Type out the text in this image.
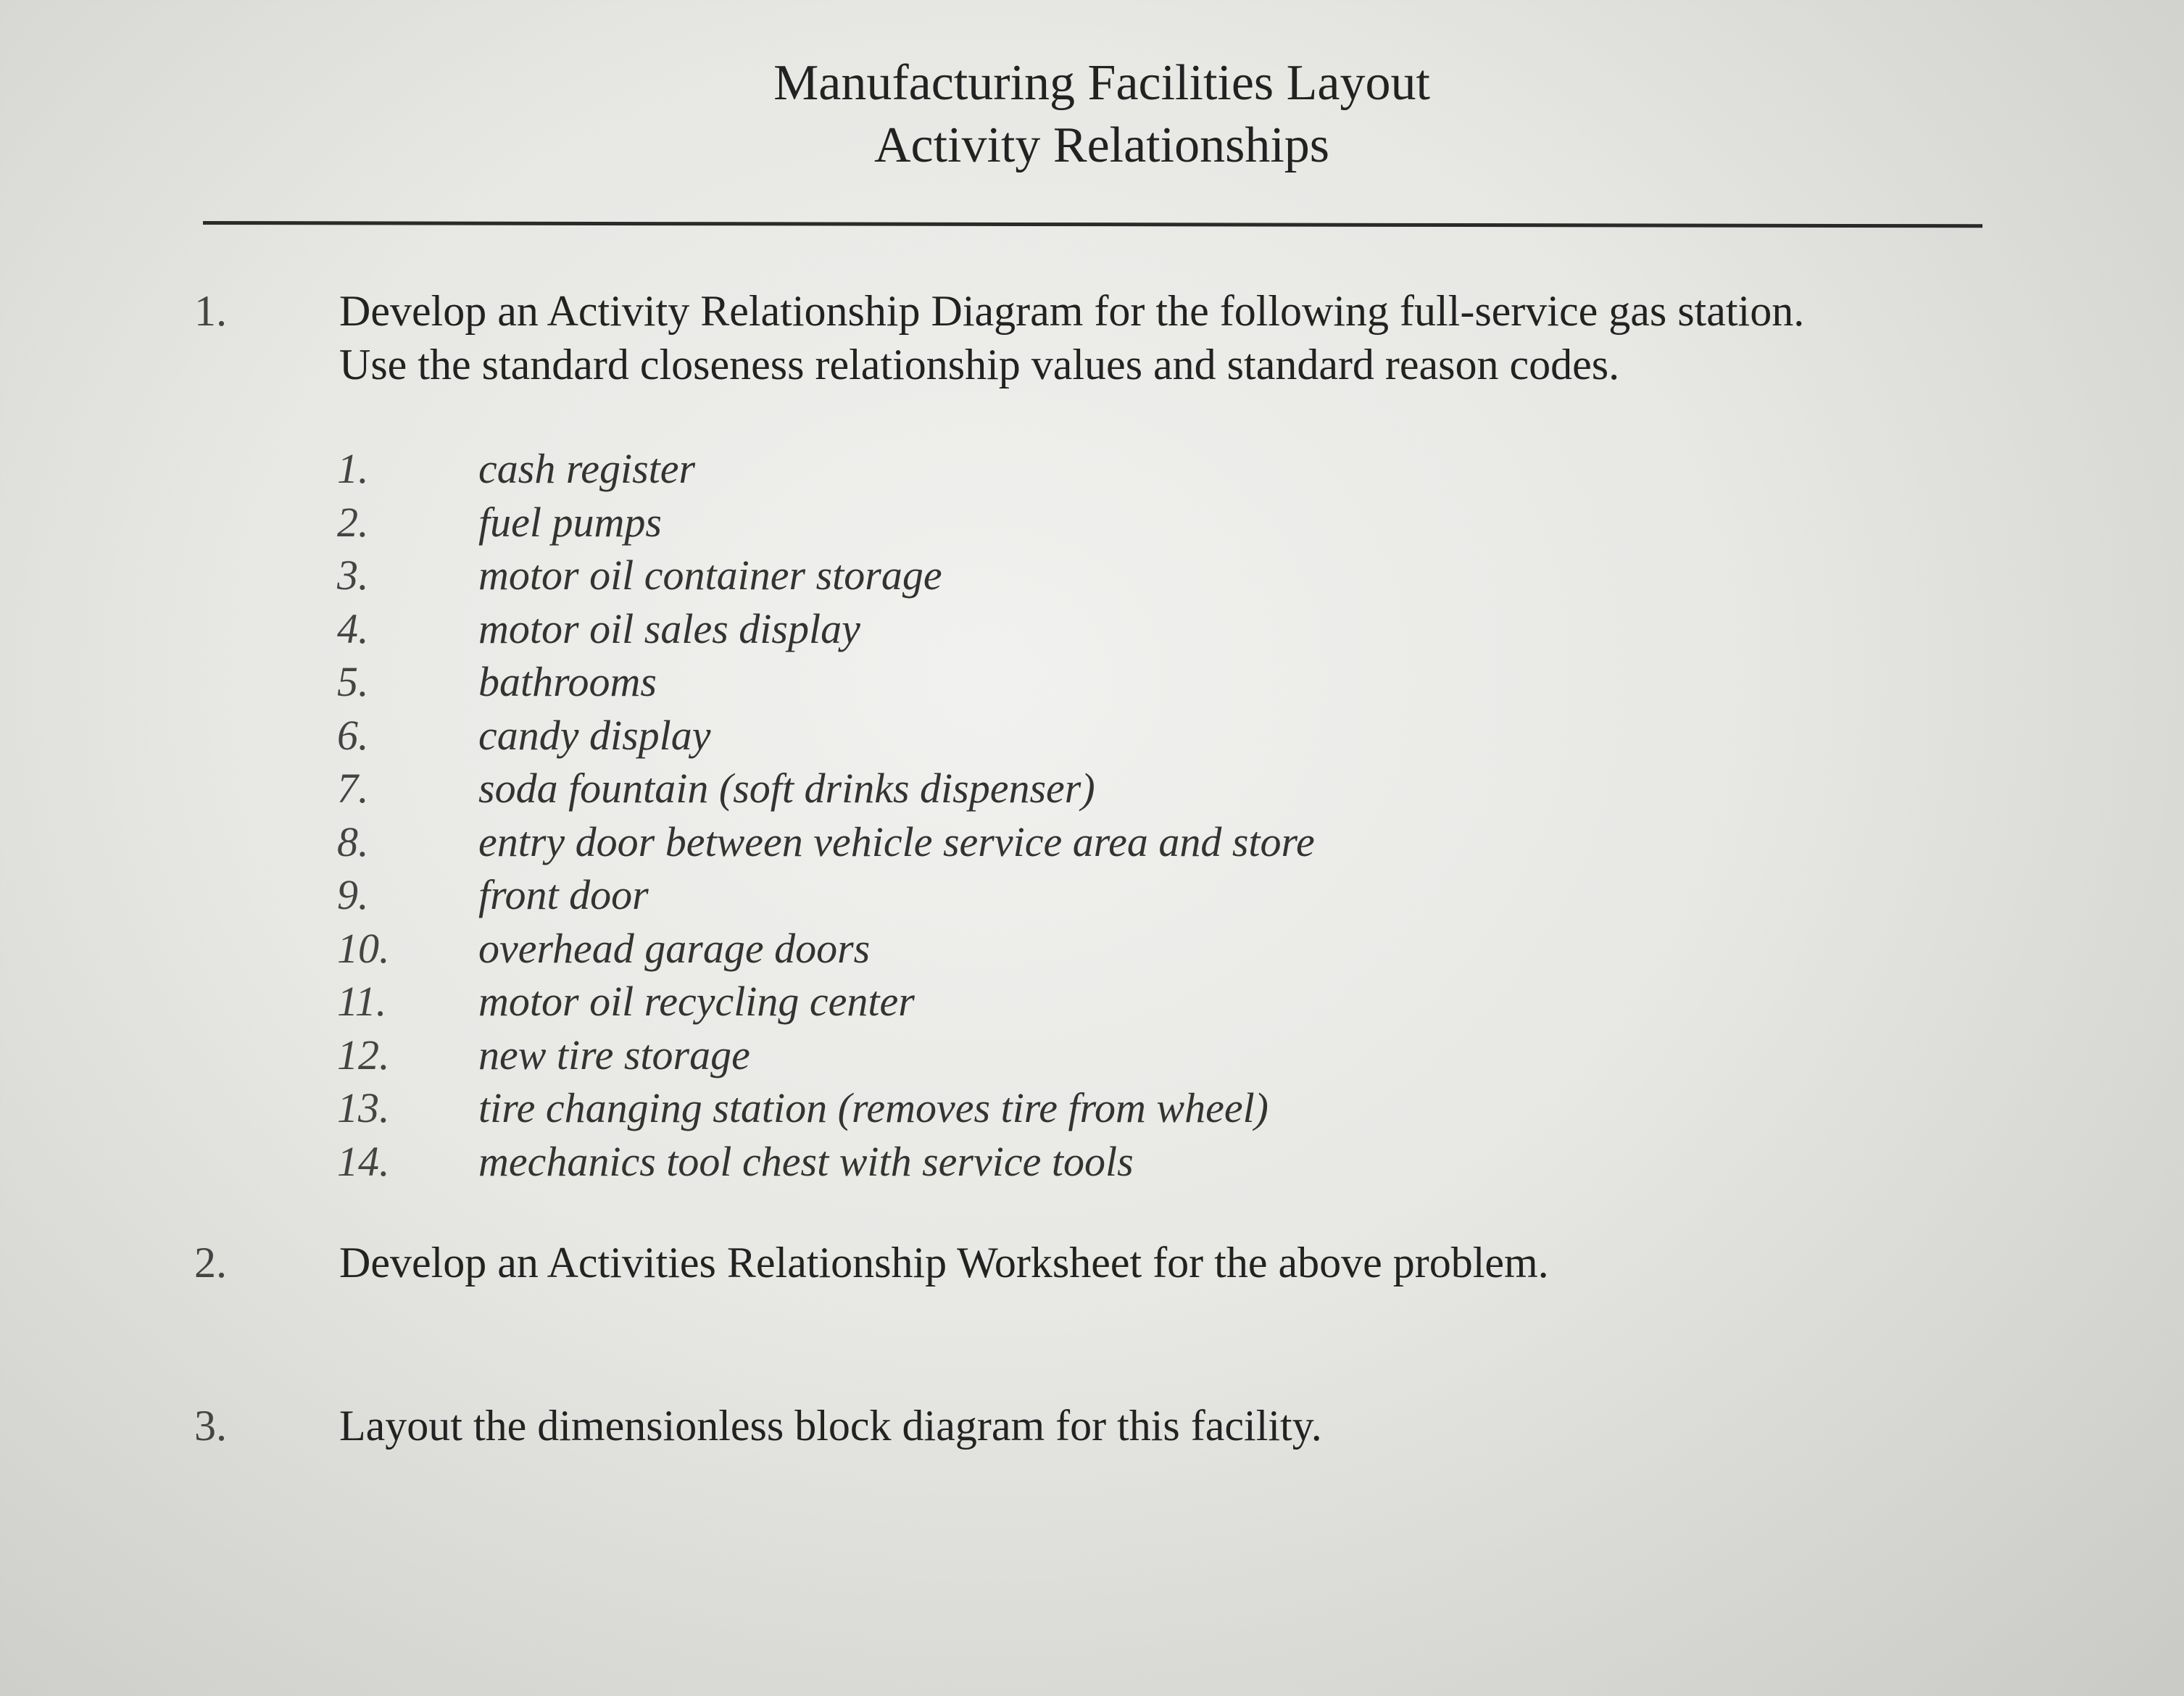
Manufacturing Facilities Layout
Activity Relationships
1.	Develop an Activity Relationship Diagram for the following full-service gas station.
Use the standard closeness relationship values and standard reason codes.
1.	cash register
2.	fuel pumps
3.	motor oil container storage
4.	motor oil sales display
5.	bathrooms
6.	candy display
7.	soda fountain (soft drinks dispenser)
8.	entry door between vehicle service area and store
9.	front door
10.	overhead garage doors
11.	motor oil recycling center
12.	new tire storage
13.	tire changing station (removes tire from wheel)
14.	mechanics tool chest with service tools
2.	Develop an Activities Relationship Worksheet for the above problem.
3.	Layout the dimensionless block diagram for this facility.
